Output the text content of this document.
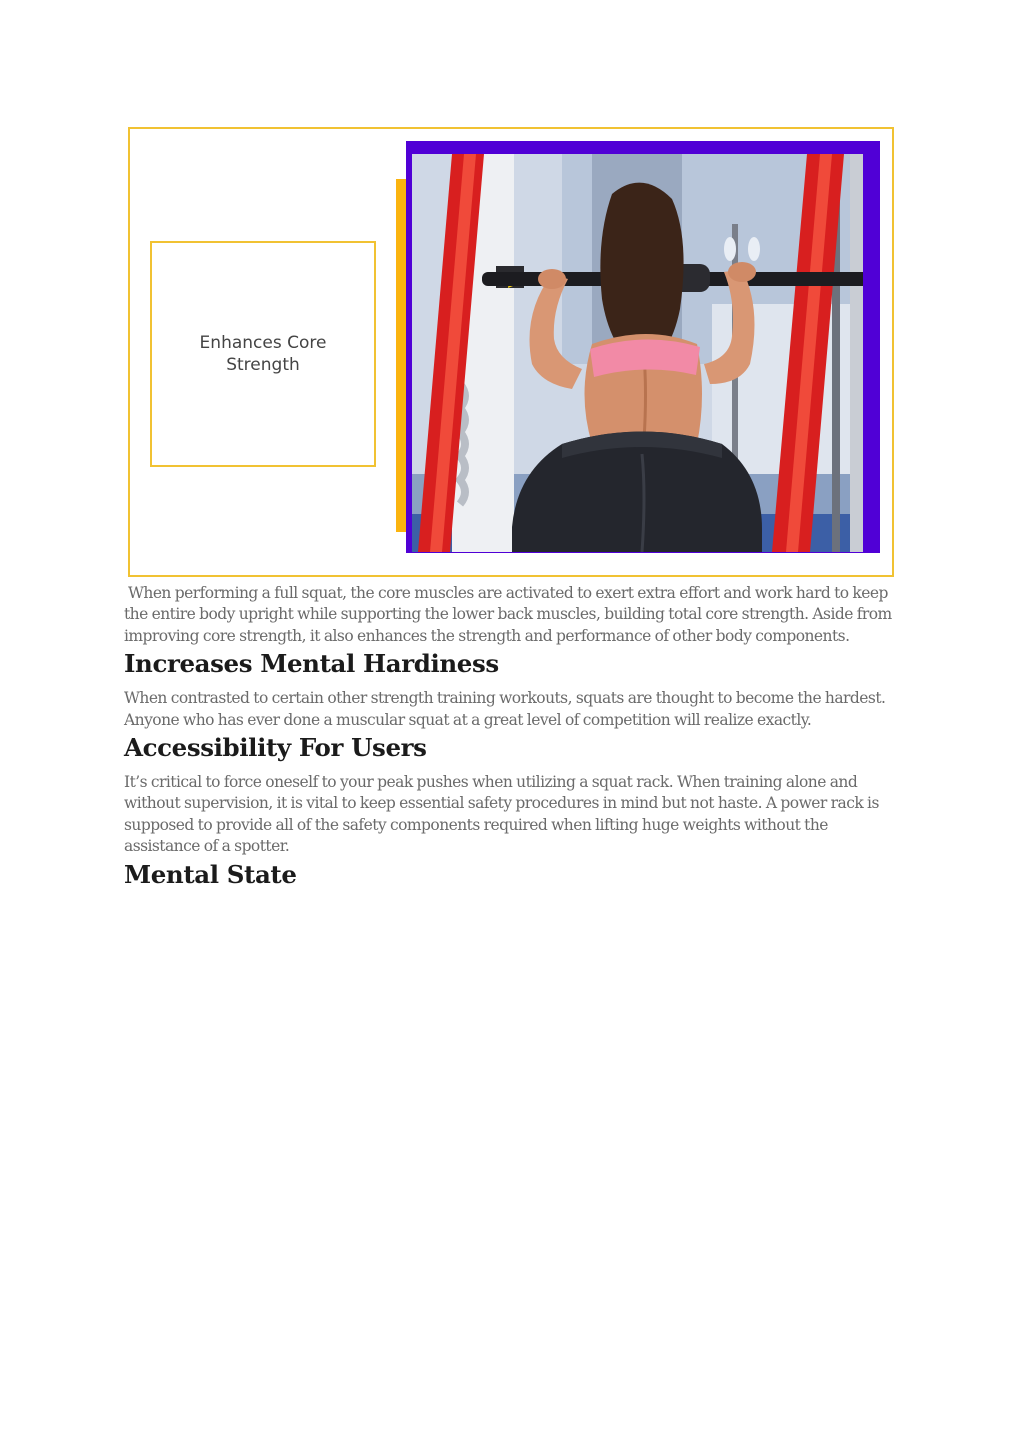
Enhances Core Strength

When performing a full squat, the core muscles are activated to exert extra effort and work hard to keep the entire body upright while supporting the lower back muscles, building total core strength. Aside from improving core strength, it also enhances the strength and performance of other body components.

Increases Mental Hardiness

When contrasted to certain other strength training workouts, squats are thought to become the hardest. Anyone who has ever done a muscular squat at a great level of competition will realize exactly.

Accessibility For Users

It’s critical to force oneself to your peak pushes when utilizing a squat rack. When training alone and without supervision, it is vital to keep essential safety procedures in mind but not haste. A power rack is supposed to provide all of the safety components required when lifting huge weights without the assistance of a spotter.

Mental State
